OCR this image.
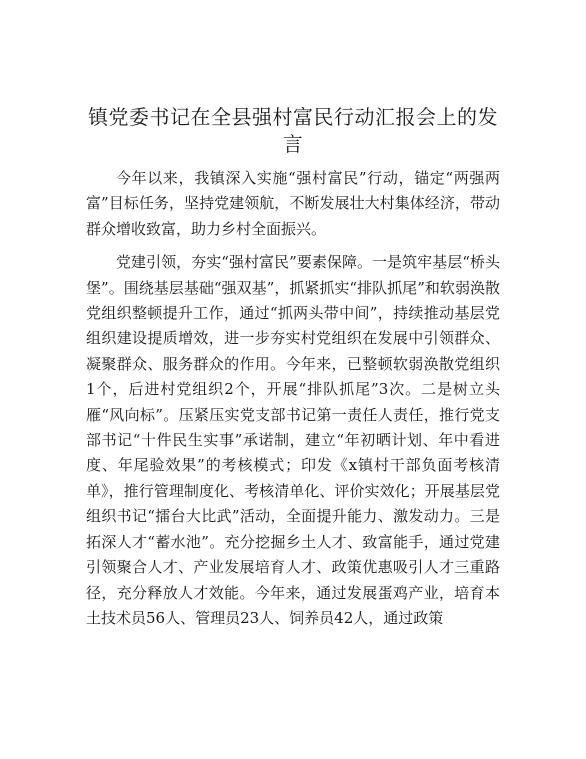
镇党委书记在全县强村富民行动汇报会上的发言

今年以来，我镇深入实施“强村富民”行动，锚定“两强两富”目标任务，坚持党建领航，不断发展壮大村集体经济，带动群众增收致富，助力乡村全面振兴。

党建引领，夯实“强村富民”要素保障。一是筑牢基层“桥头堡”。围绕基层基础“强双基”，抓紧抓实“排队抓尾”和软弱涣散党组织整顿提升工作，通过“抓两头带中间”，持续推动基层党组织建设提质增效，进一步夯实村党组织在发展中引领群众、凝聚群众、服务群众的作用。今年来，已整顿软弱涣散党组织1个，后进村党组织2个，开展“排队抓尾”3次。二是树立头雁“风向标”。压紧压实党支部书记第一责任人责任，推行党支部书记“十件民生实事”承诺制，建立“年初晒计划、年中看进度、年尾验效果”的考核模式；印发《x镇村干部负面考核清单》，推行管理制度化、考核清单化、评价实效化；开展基层党组织书记“擂台大比武”活动，全面提升能力、激发动力。三是拓深人才“蓄水池”。充分挖掘乡土人才、致富能手，通过党建引领聚合人才、产业发展培育人才、政策优惠吸引人才三重路径，充分释放人才效能。今年来，通过发展蛋鸡产业，培育本土技术员56人、管理员23人、饲养员42人，通过政策
